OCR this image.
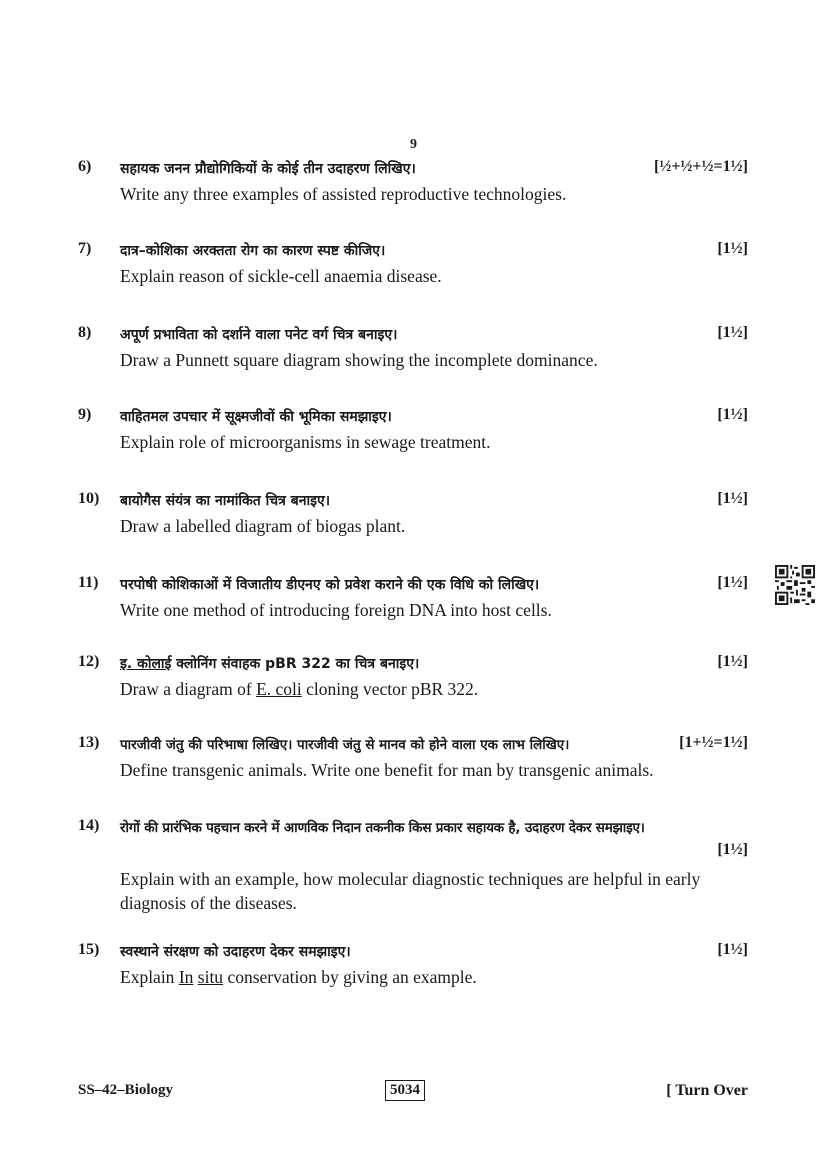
9
6)	सहायक जनन प्रौद्योगिकियों के कोई तीन उदाहरण लिखिए।	[½+½+½=1½]
Write any three examples of assisted reproductive technologies.
7)	दात्र–कोशिका अरक्तता रोग का कारण स्पष्ट कीजिए।	[1½]
Explain reason of sickle-cell anaemia disease.
8)	अपूर्ण प्रभाविता को दर्शाने वाला पनेट वर्ग चित्र बनाइए।	[1½]
Draw a Punnett square diagram showing the incomplete dominance.
9)	वाहितमल उपचार में सूक्ष्मजीवों की भूमिका समझाइए।	[1½]
Explain role of microorganisms in sewage treatment.
10)	बायोगैस संयंत्र का नामांकित चित्र बनाइए।	[1½]
Draw a labelled diagram of biogas plant.
11)	परपोषी कोशिकाओं में विजातीय डीएनए को प्रवेश कराने की एक विधि को लिखिए।	[1½]
Write one method of introducing foreign DNA into host cells.
12)	इ. कोलाई क्लोनिंग संवाहक pBR 322 का चित्र बनाइए।	[1½]
Draw a diagram of E. coli cloning vector pBR 322.
13)	पारजीवी जंतु की परिभाषा लिखिए। पारजीवी जंतु से मानव को होने वाला एक लाभ लिखिए।	[1+½=1½]
Define transgenic animals. Write one benefit for man by transgenic animals.
14)	रोगों की प्रारंभिक पहचान करने में आणविक निदान तकनीक किस प्रकार सहायक है, उदाहरण देकर समझाइए।
[1½]
Explain with an example, how molecular diagnostic techniques are helpful in early diagnosis of the diseases.
15)	स्वस्थाने संरक्षण को उदाहरण देकर समझाइए।	[1½]
Explain In situ conservation by giving an example.
SS–42–Biology	5034	[ Turn Over
